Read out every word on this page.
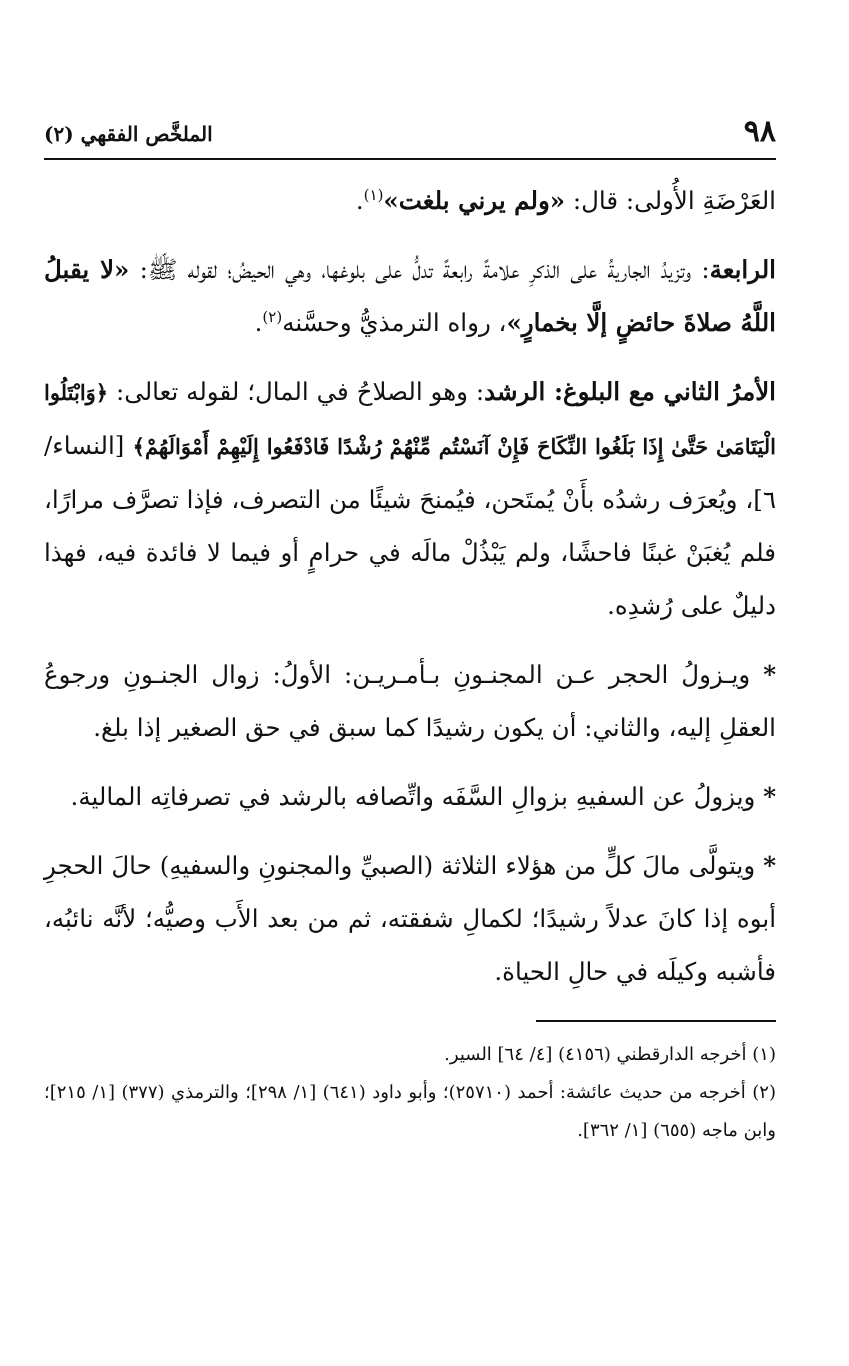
٩٨
الملخَّص الفقهي (٢)

العَرْضَةِ الأُولى: قال: «ولم يرني بلغت»$^{(١)}$.

الرابعة: وتزيدُ الجاريةُ على الذكرِ علامةً رابعةً تدلُّ على بلوغها، وهي الحيضُ؛ لقوله ﷺ: «لا يقبلُ اللَّهُ صلاةَ حائضٍ إلَّا بخمارٍ»، رواه الترمذيُّ وحسَّنه$^{(٢)}$.

الأمرُ الثاني مع البلوغ: الرشد: وهو الصلاحُ في المال؛ لقوله تعالى: ﴿وَابْتَلُوا الْيَتَامَىٰ حَتَّىٰ إِذَا بَلَغُوا النِّكَاحَ فَإِنْ آنَسْتُم مِّنْهُمْ رُشْدًا فَادْفَعُوا إِلَيْهِمْ أَمْوَالَهُمْ﴾ [النساء/ ٦]، ويُعرَف رشدُه بأَنْ يُمتَحن، فيُمنحَ شيئًا من التصرف، فإذا تصرَّف مرارًا، فلم يُغبَنْ غبنًا فاحشًا، ولم يَبْذُلْ مالَه في حرامٍ أو فيما لا فائدة فيه، فهذا دليلٌ على رُشدِه.

* ويـزولُ الحجر عـن المجنـونِ بـأمـريـن: الأولُ: زوال الجنـونِ ورجوعُ العقلِ إليه، والثاني: أن يكون رشيدًا كما سبق في حق الصغير إذا بلغ.

* ويزولُ عن السفيهِ بزوالِ السَّفَه واتِّصافه بالرشد في تصرفاتِه المالية.

* ويتولَّى مالَ كلٍّ من هؤلاء الثلاثة (الصبيِّ والمجنونِ والسفيهِ) حالَ الحجرِ أبوه إذا كانَ عدلاً رشيدًا؛ لكمالِ شفقته، ثم من بعد الأَب وصيُّه؛ لأنَّه نائبُه، فأشبه وكيلَه في حالِ الحياة.

(١) أخرجه الدارقطني (٤١٥٦) [٤/ ٦٤] السير.

(٢) أخرجه من حديث عائشة: أحمد (٢٥٧١٠)؛ وأبو داود (٦٤١) [١/ ٢٩٨]؛ والترمذي (٣٧٧) [١/ ٢١٥]؛ وابن ماجه (٦٥٥) [١/ ٣٦٢].
